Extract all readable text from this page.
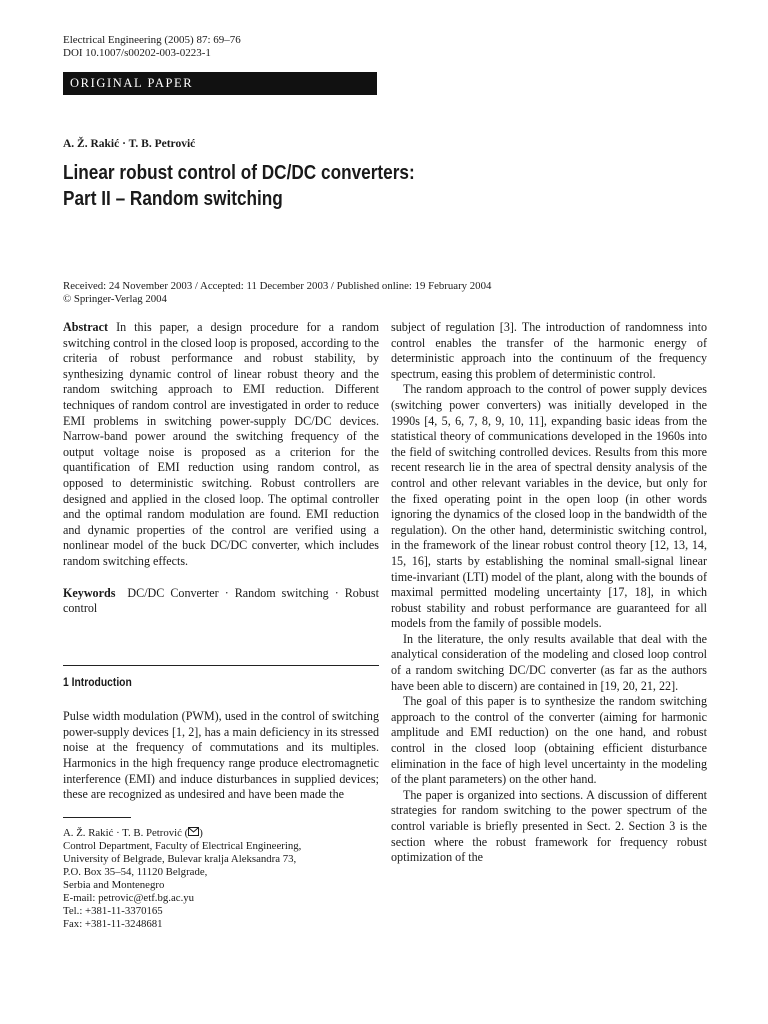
Electrical Engineering (2005) 87: 69–76
DOI 10.1007/s00202-003-0223-1
ORIGINAL PAPER
A. Ž. Rakić · T. B. Petrović
Linear robust control of DC/DC converters:
Part II – Random switching
Received: 24 November 2003 / Accepted: 11 December 2003 / Published online: 19 February 2004
© Springer-Verlag 2004

Abstract In this paper, a design procedure for a random switching control in the closed loop is proposed, according to the criteria of robust performance and robust stability, by synthesizing dynamic control of linear robust theory and the random switching approach to EMI reduction. Different techniques of random control are investigated in order to reduce EMI problems in switching power-supply DC/DC devices. Narrow-band power around the switching frequency of the output voltage noise is proposed as a criterion for the quantification of EMI reduction using random control, as opposed to deterministic switching. Robust controllers are designed and applied in the closed loop. The optimal controller and the optimal random modulation are found. EMI reduction and dynamic properties of the control are verified using a nonlinear model of the buck DC/DC converter, which includes random switching effects.

Keywords DC/DC Converter · Random switching · Robust control

1 Introduction

Pulse width modulation (PWM), used in the control of switching power-supply devices [1, 2], has a main deficiency in its stressed noise at the frequency of commutations and its multiples. Harmonics in the high frequency range produce electromagnetic interference (EMI) and induce disturbances in supplied devices; these are recognized as undesired and have been made the

A. Ž. Rakić · T. B. Petrović ( )
Control Department, Faculty of Electrical Engineering,
University of Belgrade, Bulevar kralja Aleksandra 73,
P.O. Box 35–54, 11120 Belgrade,
Serbia and Montenegro
E-mail: petrovic@etf.bg.ac.yu
Tel.: +381-11-3370165
Fax: +381-11-3248681

subject of regulation [3]. The introduction of randomness into control enables the transfer of the harmonic energy of deterministic approach into the continuum of the frequency spectrum, easing this problem of deterministic control.

The random approach to the control of power supply devices (switching power converters) was initially developed in the 1990s [4, 5, 6, 7, 8, 9, 10, 11], expanding basic ideas from the statistical theory of communications developed in the 1960s into the field of switching controlled devices. Results from this more recent research lie in the area of spectral density analysis of the control and other relevant variables in the device, but only for the fixed operating point in the open loop (in other words ignoring the dynamics of the closed loop in the bandwidth of the regulation). On the other hand, deterministic switching control, in the framework of the linear robust control theory [12, 13, 14, 15, 16], starts by establishing the nominal small-signal linear time-invariant (LTI) model of the plant, along with the bounds of maximal permitted modeling uncertainty [17, 18], in which robust stability and robust performance are guaranteed for all models from the family of possible models.

In the literature, the only results available that deal with the analytical consideration of the modeling and closed loop control of a random switching DC/DC converter (as far as the authors have been able to discern) are contained in [19, 20, 21, 22].

The goal of this paper is to synthesize the random switching approach to the control of the converter (aiming for harmonic amplitude and EMI reduction) on the one hand, and robust control in the closed loop (obtaining efficient disturbance elimination in the face of high level uncertainty in the modeling of the plant parameters) on the other hand.

The paper is organized into sections. A discussion of different strategies for random switching to the power spectrum of the control variable is briefly presented in Sect. 2. Section 3 is the section where the robust framework for frequency robust optimization of the
